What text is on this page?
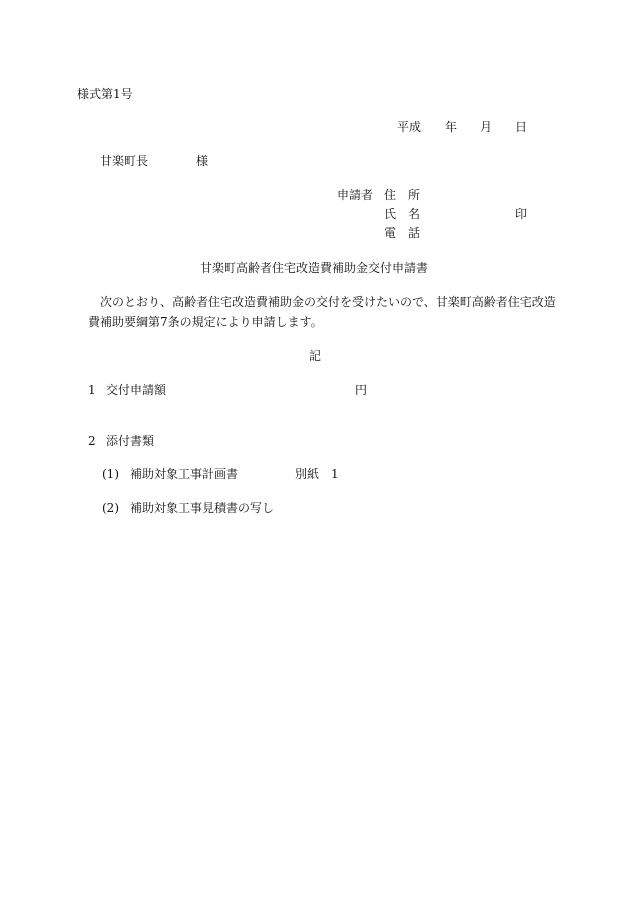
様式第1号
平成 年 月 日
甘楽町長	様
申請者 住　所
氏　名	印
電　話
甘楽町高齢者住宅改造費補助金交付申請書
次のとおり、高齢者住宅改造費補助金の交付を受けたいので、甘楽町高齢者住宅改造
費補助要綱第7条の規定により申請します。
記
1 交付申請額	円
2 添付書類
(1) 補助対象工事計画書	別紙　1
(2) 補助対象工事見積書の写し
